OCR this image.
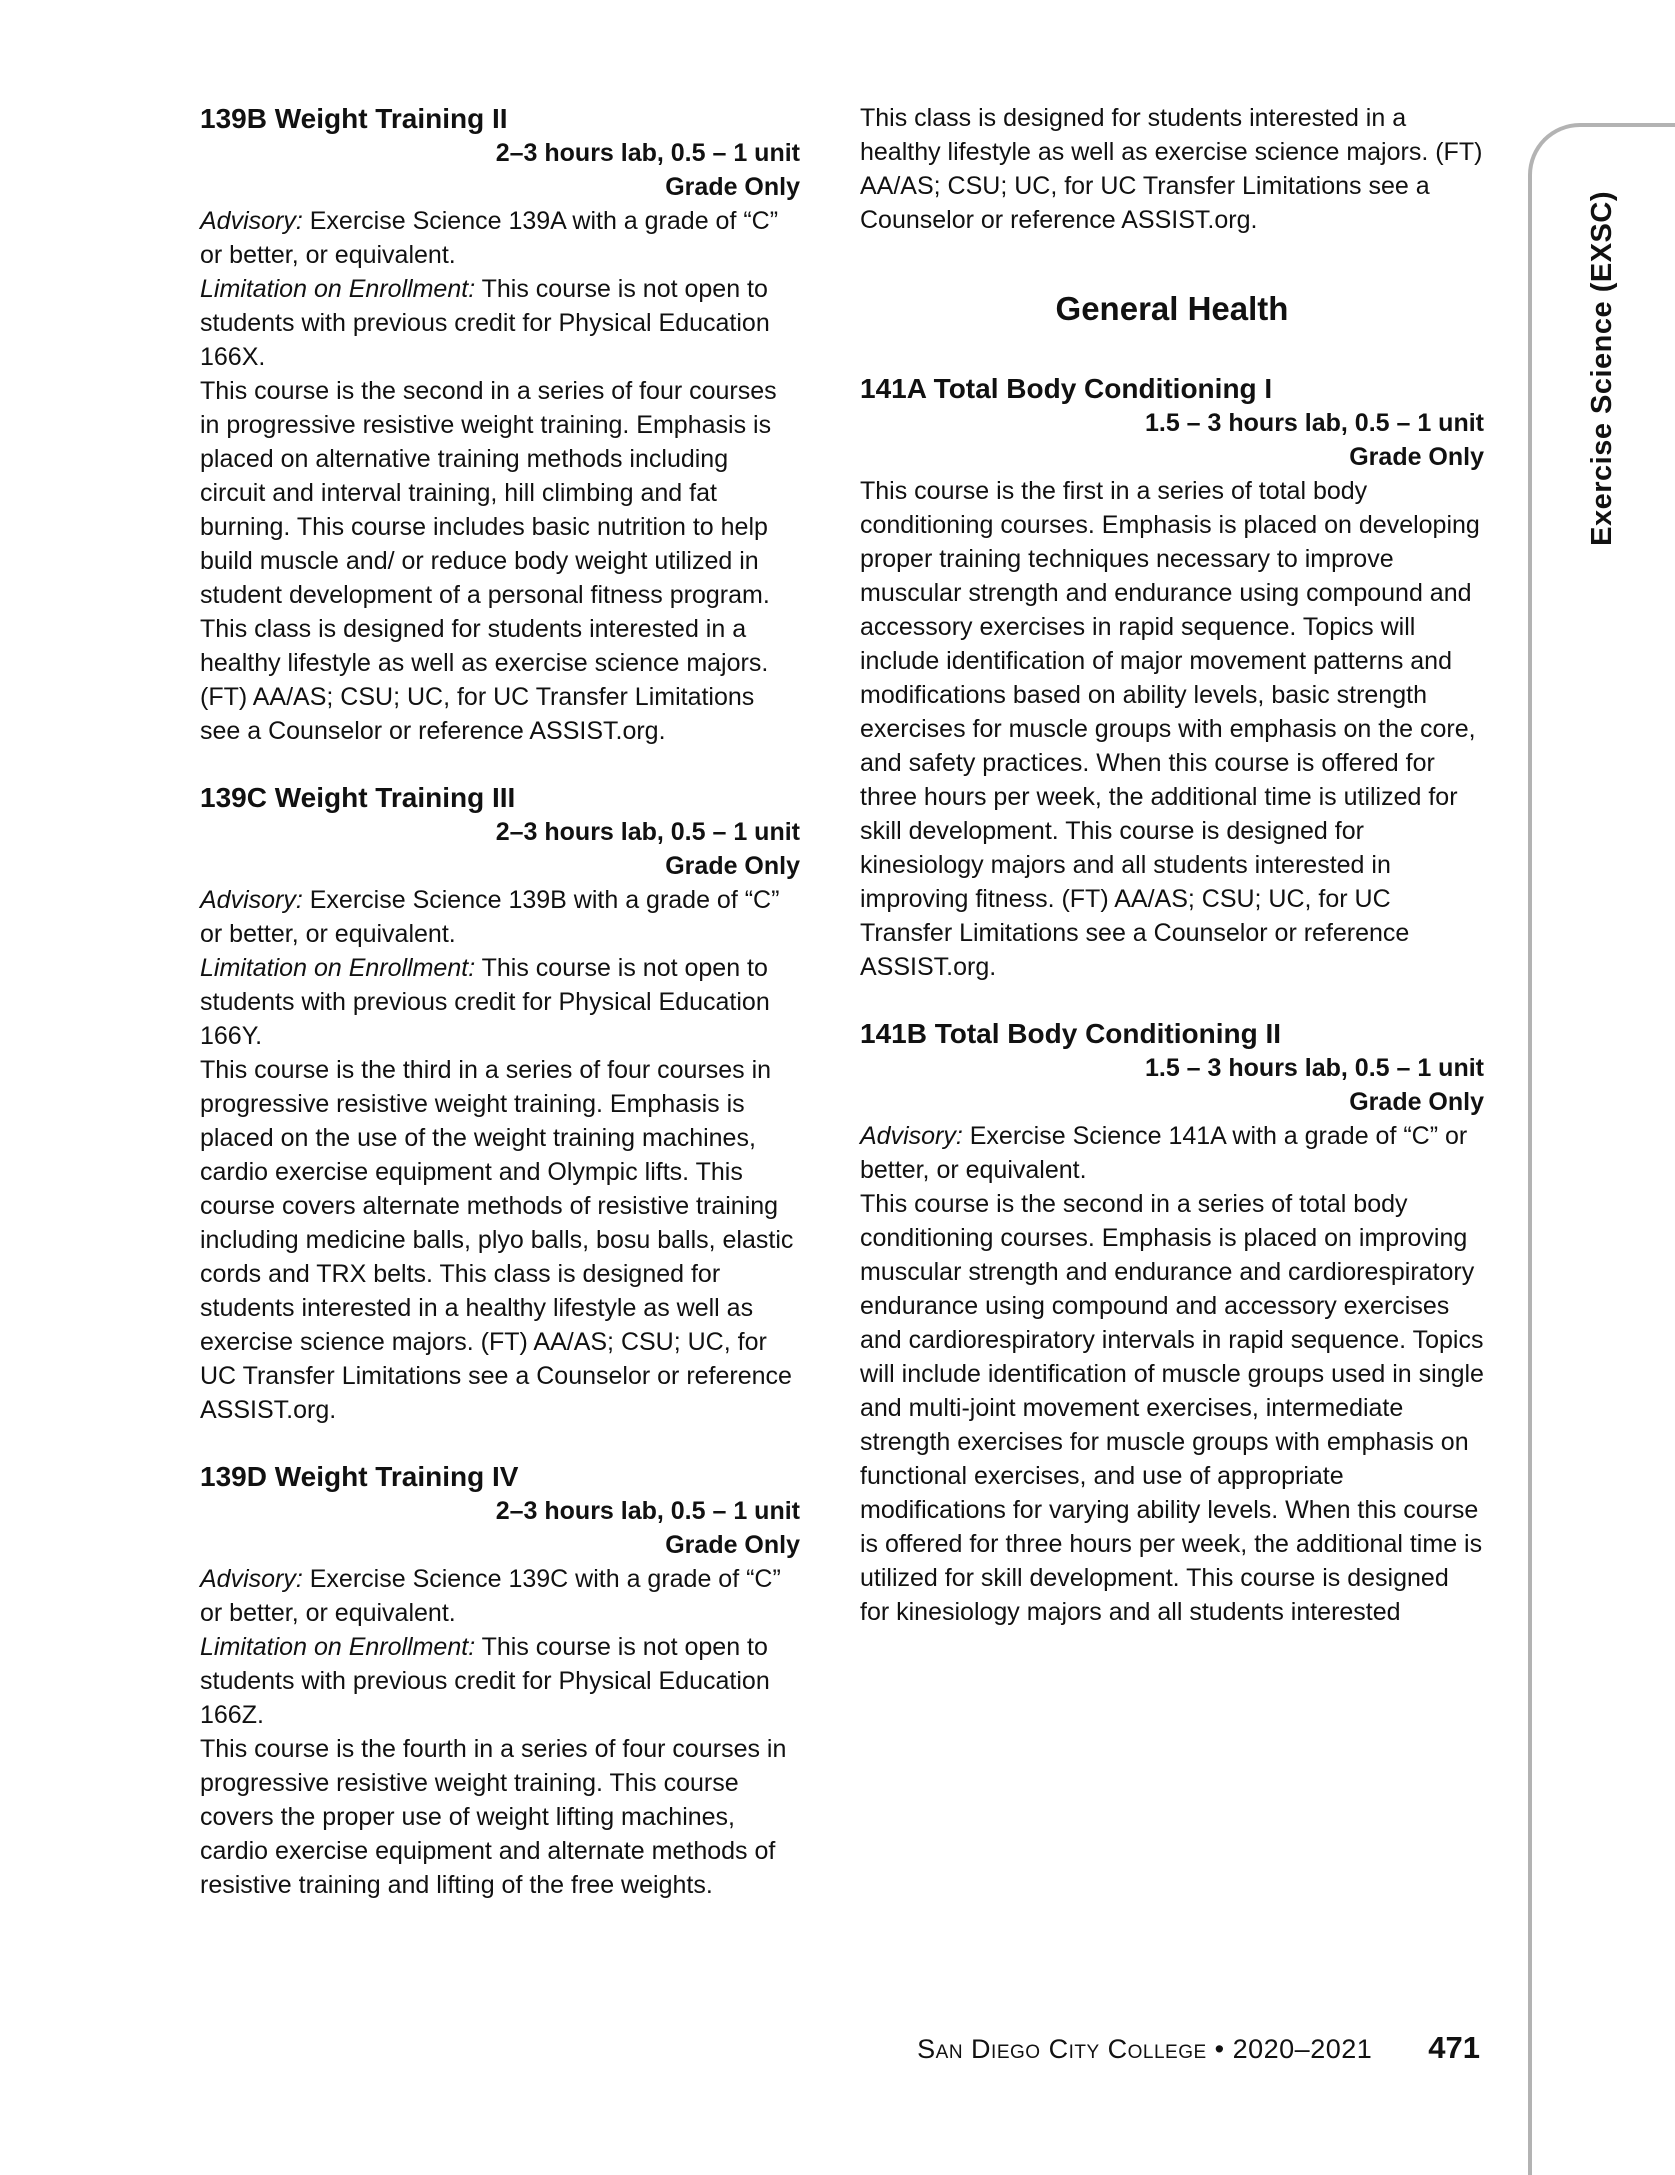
139B Weight Training II

2–3 hours lab, 0.5 – 1 unit

Grade Only

Advisory: Exercise Science 139A with a grade of “C” or better, or equivalent.

Limitation on Enrollment: This course is not open to students with previous credit for Physical Education 166X.

This course is the second in a series of four courses in progressive resistive weight training. Emphasis is placed on alternative training methods including circuit and interval training, hill climbing and fat burning. This course includes basic nutrition to help build muscle and/ or reduce body weight utilized in student development of a personal fitness program. This class is designed for students interested in a healthy lifestyle as well as exercise science majors. (FT) AA/AS; CSU; UC, for UC Transfer Limitations see a Counselor or reference ASSIST.org.

139C Weight Training III

2–3 hours lab, 0.5 – 1 unit

Grade Only

Advisory: Exercise Science 139B with a grade of “C” or better, or equivalent.

Limitation on Enrollment: This course is not open to students with previous credit for Physical Education 166Y.

This course is the third in a series of four courses in progressive resistive weight training. Emphasis is placed on the use of the weight training machines, cardio exercise equipment and Olympic lifts. This course covers alternate methods of resistive training including medicine balls, plyo balls, bosu balls, elastic cords and TRX belts. This class is designed for students interested in a healthy lifestyle as well as exercise science majors. (FT) AA/AS; CSU; UC, for UC Transfer Limitations see a Counselor or reference ASSIST.org.

139D Weight Training IV

2–3 hours lab, 0.5 – 1 unit

Grade Only

Advisory: Exercise Science 139C with a grade of “C” or better, or equivalent.

Limitation on Enrollment: This course is not open to students with previous credit for Physical Education 166Z.

This course is the fourth in a series of four courses in progressive resistive weight training. This course covers the proper use of weight lifting machines, cardio exercise equipment and alternate methods of resistive training and lifting of the free weights.

This class is designed for students interested in a healthy lifestyle as well as exercise science majors. (FT) AA/AS; CSU; UC, for UC Transfer Limitations see a Counselor or reference ASSIST.org.

General Health
141A Total Body Conditioning I

1.5 – 3 hours lab, 0.5 – 1 unit

Grade Only

This course is the first in a series of total body conditioning courses. Emphasis is placed on developing proper training techniques necessary to improve muscular strength and endurance using compound and accessory exercises in rapid sequence. Topics will include identification of major movement patterns and modifications based on ability levels, basic strength exercises for muscle groups with emphasis on the core, and safety practices. When this course is offered for three hours per week, the additional time is utilized for skill development. This course is designed for kinesiology majors and all students interested in improving fitness. (FT) AA/AS; CSU; UC, for UC Transfer Limitations see a Counselor or reference ASSIST.org.

141B Total Body Conditioning II

1.5 – 3 hours lab, 0.5 – 1 unit

Grade Only

Advisory: Exercise Science 141A with a grade of “C” or better, or equivalent.

This course is the second in a series of total body conditioning courses. Emphasis is placed on improving muscular strength and endurance and cardiorespiratory endurance using compound and accessory exercises and cardiorespiratory intervals in rapid sequence. Topics will include identification of muscle groups used in single and multi-joint movement exercises, intermediate strength exercises for muscle groups with emphasis on functional exercises, and use of appropriate modifications for varying ability levels. When this course is offered for three hours per week, the additional time is utilized for skill development. This course is designed for kinesiology majors and all students interested

Exercise Science (EXSC)
San Diego City College • 2020–2021 471
